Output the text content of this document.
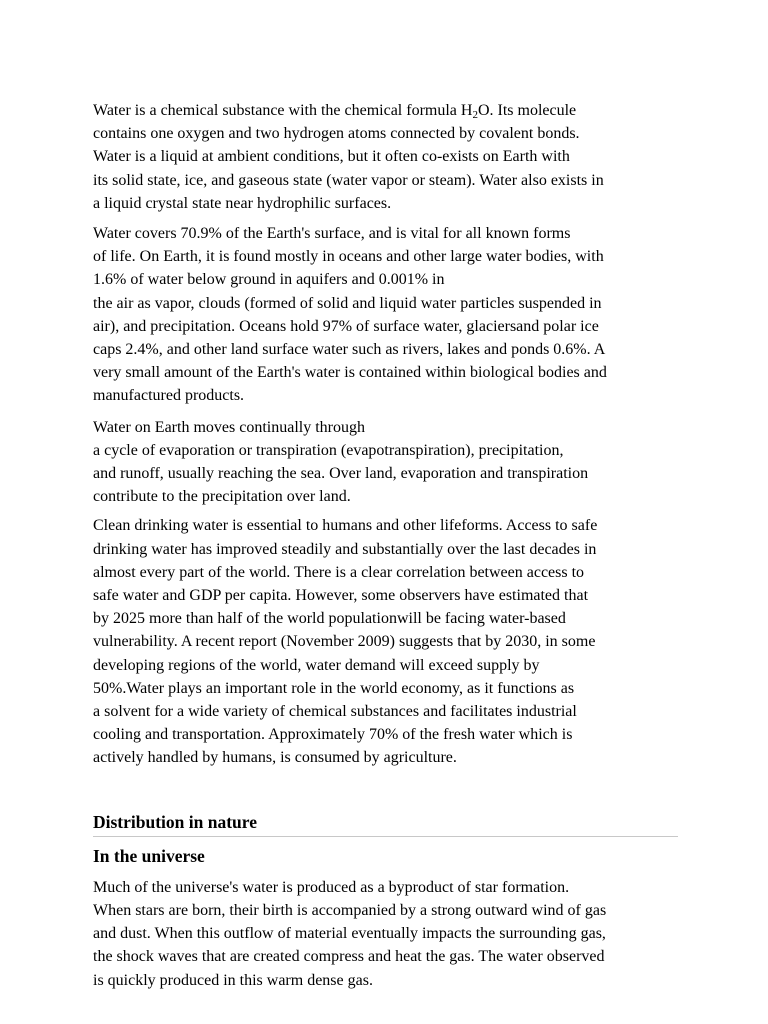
Water is a chemical substance with the chemical formula $H_2O$. Its molecule
contains one oxygen and two hydrogen atoms connected by covalent bonds.
Water is a liquid at ambient conditions, but it often co-exists on Earth with
its solid state, ice, and gaseous state (water vapor or steam). Water also exists in
a liquid crystal state near hydrophilic surfaces.

Water covers 70.9% of the Earth's surface, and is vital for all known forms
of life. On Earth, it is found mostly in oceans and other large water bodies, with
1.6% of water below ground in aquifers and 0.001% in
the air as vapor, clouds (formed of solid and liquid water particles suspended in
air), and precipitation. Oceans hold 97% of surface water, glaciersand polar ice
caps 2.4%, and other land surface water such as rivers, lakes and ponds 0.6%. A
very small amount of the Earth's water is contained within biological bodies and
manufactured products.

Water on Earth moves continually through
a cycle of evaporation or transpiration (evapotranspiration), precipitation,
and runoff, usually reaching the sea. Over land, evaporation and transpiration
contribute to the precipitation over land.

Clean drinking water is essential to humans and other lifeforms. Access to safe
drinking water has improved steadily and substantially over the last decades in
almost every part of the world. There is a clear correlation between access to
safe water and GDP per capita. However, some observers have estimated that
by 2025 more than half of the world populationwill be facing water-based
vulnerability. A recent report (November 2009) suggests that by 2030, in some
developing regions of the world, water demand will exceed supply by
50%.Water plays an important role in the world economy, as it functions as
a solvent for a wide variety of chemical substances and facilitates industrial
cooling and transportation. Approximately 70% of the fresh water which is
actively handled by humans, is consumed by agriculture.

Distribution in nature
In the universe

Much of the universe's water is produced as a byproduct of star formation.
When stars are born, their birth is accompanied by a strong outward wind of gas
and dust. When this outflow of material eventually impacts the surrounding gas,
the shock waves that are created compress and heat the gas. The water observed
is quickly produced in this warm dense gas.
